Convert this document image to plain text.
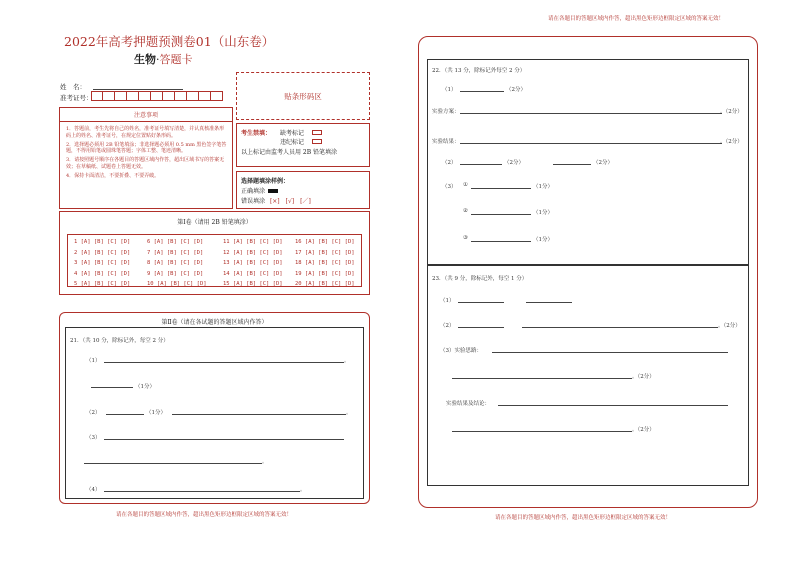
请在各题目的答题区域内作答，超出黑色矩形边框限定区域的答案无效！
2022年高考押题预测卷01（山东卷）
生物·答题卡
姓　名：
准考证号：	贴条形码区
注意事项
1．答题前，考生先将自己的姓名，准考证号填写清楚，并认真核准条形码上的姓名、准考证号，在规定位置贴好条形码。
2．选择题必须用 2B 铅笔填涂；非选择题必须用 0.5 mm 黑色签字笔答题，不得用铅笔或圆珠笔答题；字体工整、笔迹清晰。
3．请按照题号顺序在各题目的答题区域内作答，超出区域书写的答案无效；在草稿纸、试题卷上答题无效。
4．保持卡面清洁，不要折叠、不要弄破。
考生禁填： 缺考标记
违纪标记
以上标记由监考人员用 2B 铅笔填涂
选择题填涂样例：
正确填涂
错误填涂 [×]　[√]　[／]
第Ⅰ卷（请用 2B 铅笔填涂）
1 [A] [B] [C] [D]	6 [A] [B] [C] [D]	11 [A] [B] [C] [D]	16 [A] [B] [C] [D]
2 [A] [B] [C] [D]	7 [A] [B] [C] [D]	12 [A] [B] [C] [D]	17 [A] [B] [C] [D]
3 [A] [B] [C] [D]	8 [A] [B] [C] [D]	13 [A] [B] [C] [D]	18 [A] [B] [C] [D]
4 [A] [B] [C] [D]	9 [A] [B] [C] [D]	14 [A] [B] [C] [D]	19 [A] [B] [C] [D]
5 [A] [B] [C] [D]	10 [A] [B] [C] [D]	15 [A] [B] [C] [D]	20 [A] [B] [C] [D]
第Ⅱ卷（请在各试题的答题区域内作答）
21．（共 10 分，除标记外，每空 2 分）
（1）	。
（1分）
（2）	（1分）	。
（3）
。
（4）	。
请在各题目的答题区域内作答，超出黑色矩形边框限定区域的答案无效！
22．（共 13 分，除标记外每空 2 分）
（1）	（2分）
实验方案：	。（2分）
实验结果：	。（2分）
（2）	（2分）	（2分）
（3） ①	（1分）
②	（1分）
③	（1分）
23．（共 9 分，除标记外，每空 1 分）
（1）
（2）	。（2分）
（3）实验思路：
。（2分）
实验结果及结论：
。（2分）
请在各题目的答题区域内作答，超出黑色矩形边框限定区域的答案无效！
